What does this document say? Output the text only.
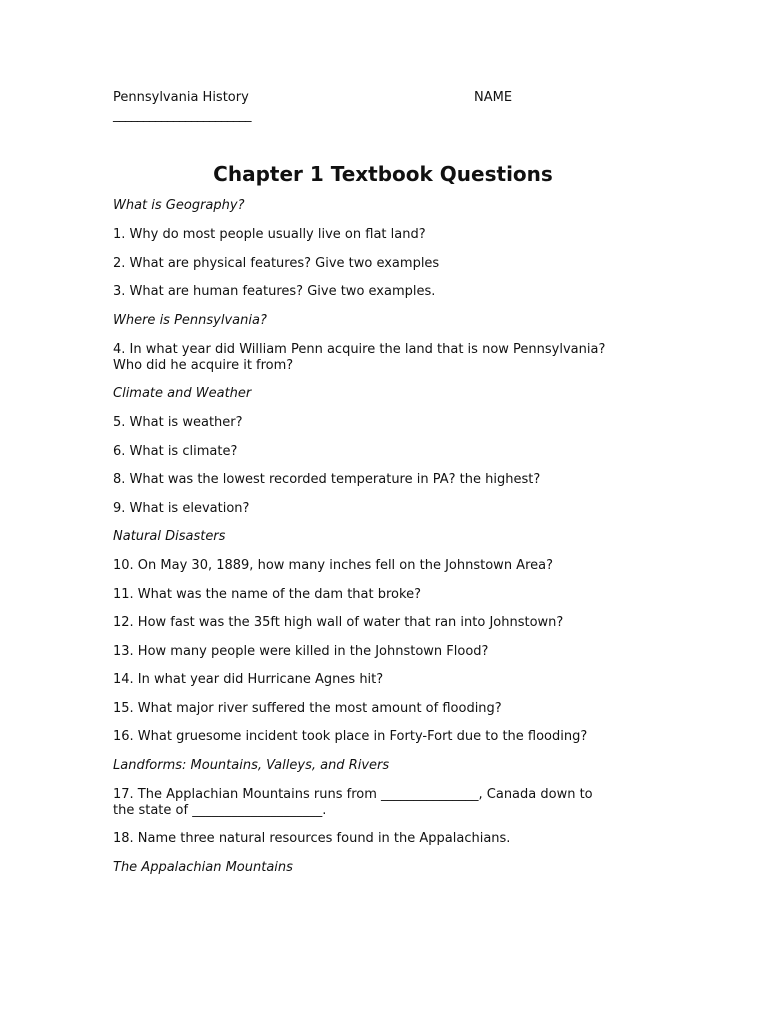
Pennsylvania History	NAME
_______________________
Chapter 1 Textbook Questions
What is Geography?
1. Why do most people usually live on flat land?
2. What are physical features? Give two examples
3. What are human features? Give two examples.
Where is Pennsylvania?
4. In what year did William Penn acquire the land that is now Pennsylvania?
Who did he acquire it from?
Climate and Weather
5. What is weather?
6. What is climate?
8. What was the lowest recorded temperature in PA? the highest?
9. What is elevation?
Natural Disasters
10. On May 30, 1889, how many inches fell on the Johnstown Area?
11. What was the name of the dam that broke?
12. How fast was the 35ft high wall of water that ran into Johnstown?
13. How many people were killed in the Johnstown Flood?
14. In what year did Hurricane Agnes hit?
15. What major river suffered the most amount of flooding?
16. What gruesome incident took place in Forty-Fort due to the flooding?
Landforms: Mountains, Valleys, and Rivers
17. The Applachian Mountains runs from _______________, Canada down to
the state of ____________________.
18. Name three natural resources found in the Appalachians.
The Appalachian Mountains
